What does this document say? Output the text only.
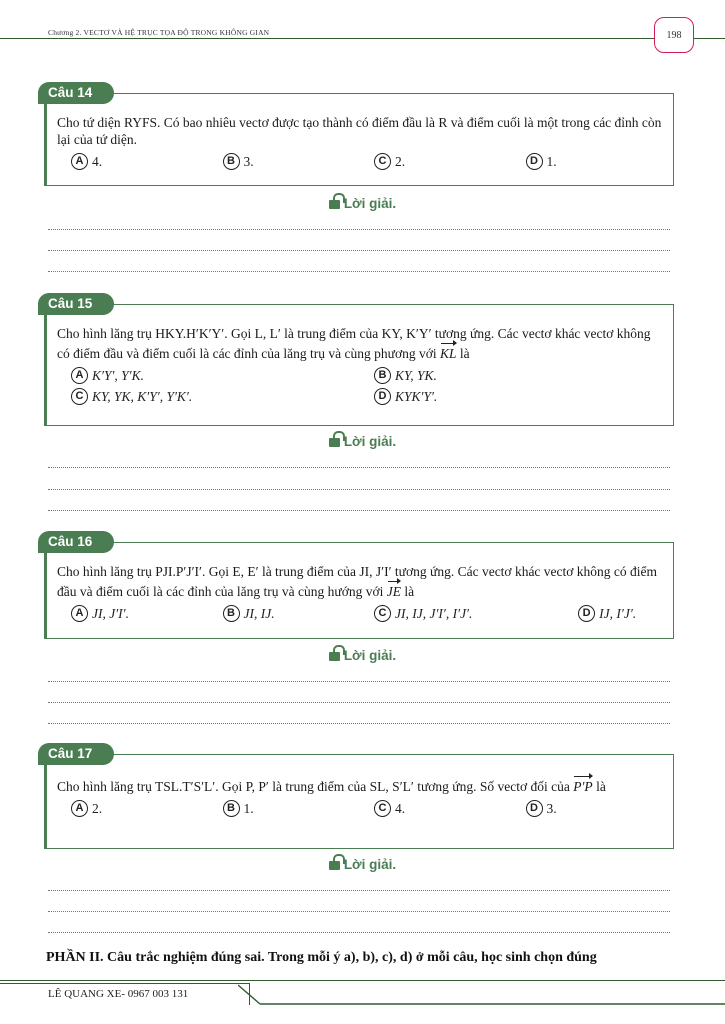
Chương 2. VECTƠ VÀ HỆ TRỤC TỌA ĐỘ TRONG KHÔNG GIAN	198
Cho tứ diện RYFS. Có bao nhiêu vectơ được tạo thành có điểm đầu là R và điểm cuối là một trong các đỉnh còn lại của tứ diện.
A 4.	B 3.	C 2.	D 1.
Câu 14
Lời giải.
Cho hình lăng trụ HKY.H′K′Y′. Gọi L, L′ là trung điểm của KY, K′Y′ tương ứng. Các vectơ khác vectơ không có điểm đầu và điểm cuối là các đỉnh của lăng trụ và cùng phương với KL là
A K′Y′, Y′K.	B KY, YK.
C KY, YK, K′Y′, Y′K′.	D KYK′Y′.
Câu 15
Lời giải.
Cho hình lăng trụ PJI.P′J′I′. Gọi E, E′ là trung điểm của JI, J′I′ tương ứng. Các vectơ khác vectơ không có điểm đầu và điểm cuối là các đỉnh của lăng trụ và cùng hướng với JE là
A JI, J′I′.	B JI, IJ.	C JI, IJ, J′I′, I′J′.	D IJ, I′J′.
Câu 16
Lời giải.
Cho hình lăng trụ TSL.T′S′L′. Gọi P, P′ là trung điểm của SL, S′L′ tương ứng. Số vectơ đối của P′P là
A 2.	B 1.	C 4.	D 3.
Câu 17
Lời giải.
PHẦN II. Câu trắc nghiệm đúng sai. Trong mỗi ý a), b), c), d) ở mỗi câu, học sinh chọn đúng
LÊ QUANG XE- 0967 003 131
